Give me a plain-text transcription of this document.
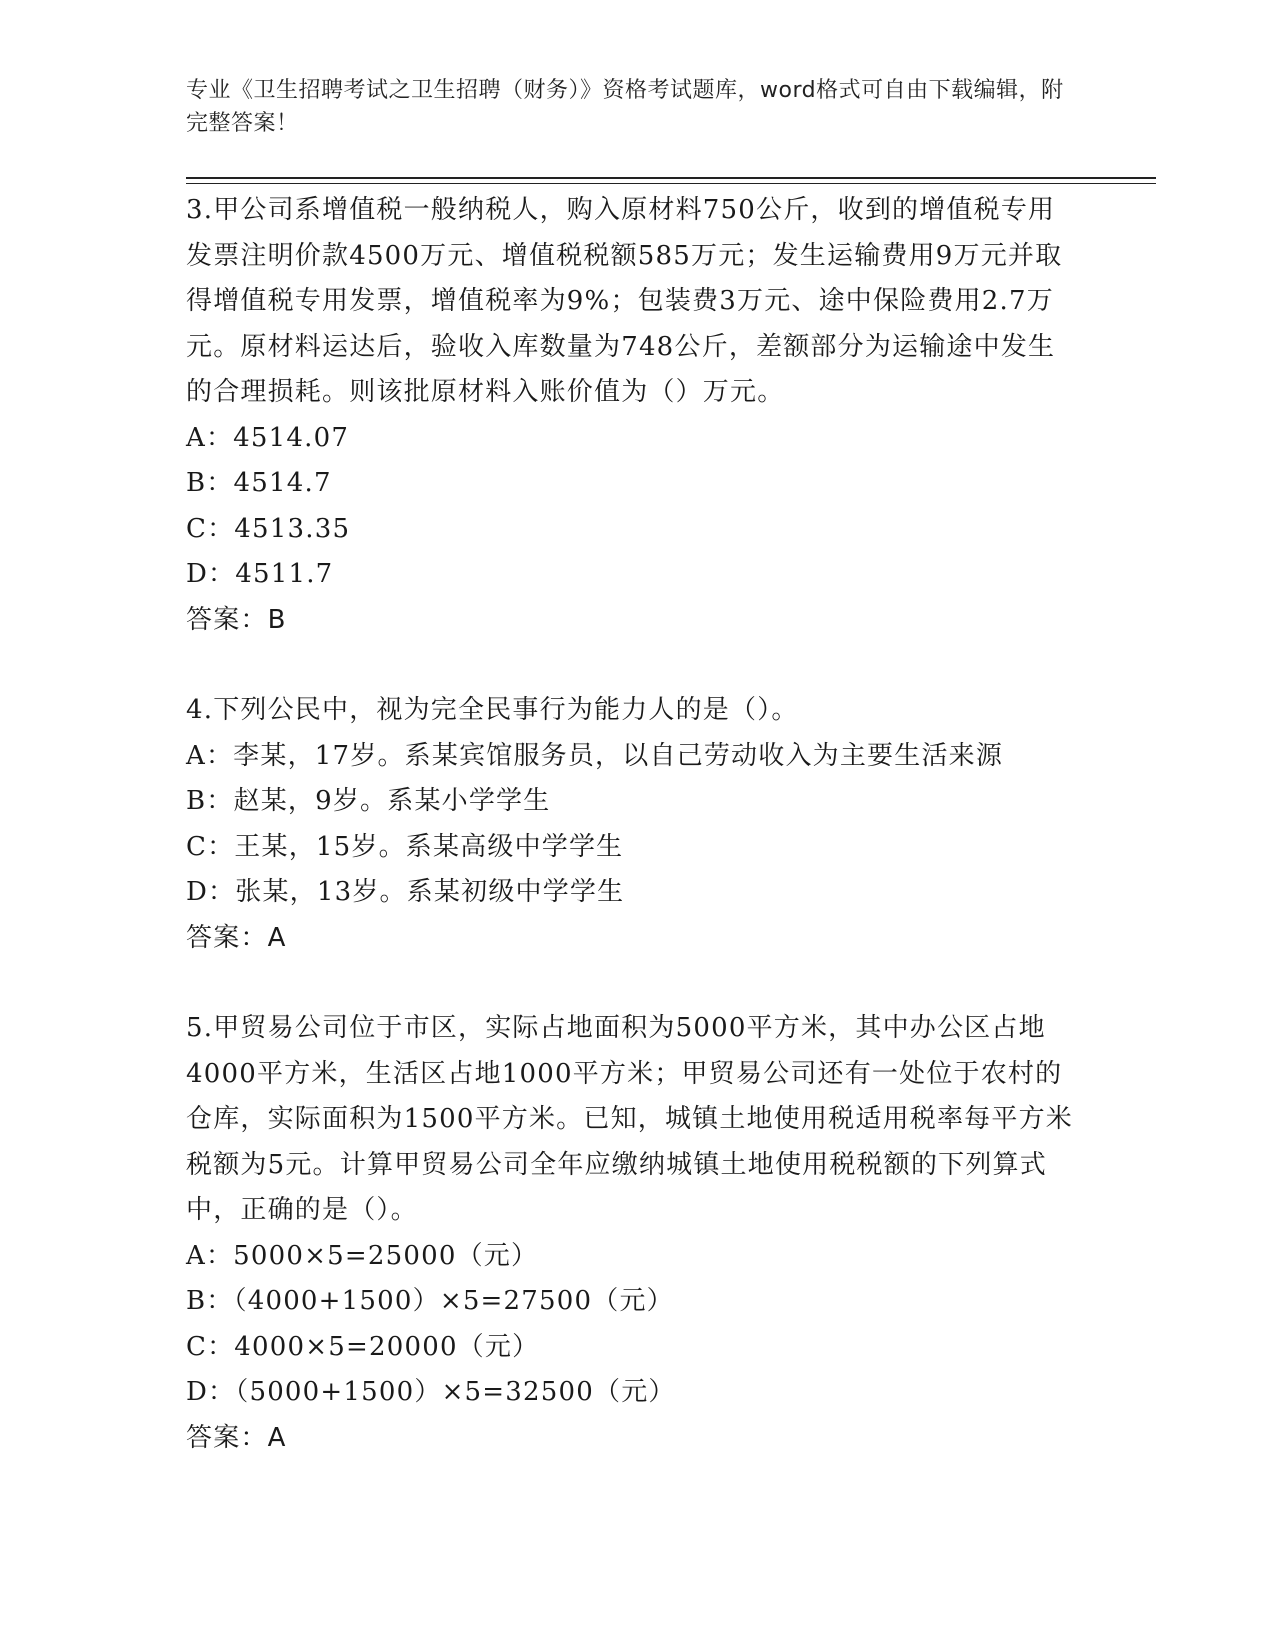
专业《卫生招聘考试之卫生招聘（财务）》资格考试题库，word格式可自由下载编辑，附完整答案！

3.甲公司系增值税一般纳税人，购入原材料750公斤，收到的增值税专用发票注明价款4500万元、增值税税额585万元；发生运输费用9万元并取得增值税专用发票，增值税率为9%；包装费3万元、途中保险费用2.7万元。原材料运达后，验收入库数量为748公斤，差额部分为运输途中发生的合理损耗。则该批原材料入账价值为（）万元。

A：4514.07

B：4514.7

C：4513.35

D：4511.7

答案：B

4.下列公民中，视为完全民事行为能力人的是（）。

A：李某，17岁。系某宾馆服务员，以自己劳动收入为主要生活来源

B：赵某，9岁。系某小学学生

C：王某，15岁。系某高级中学学生

D：张某，13岁。系某初级中学学生

答案：A

5.甲贸易公司位于市区，实际占地面积为5000平方米，其中办公区占地4000平方米，生活区占地1000平方米；甲贸易公司还有一处位于农村的仓库，实际面积为1500平方米。已知，城镇土地使用税适用税率每平方米税额为5元。计算甲贸易公司全年应缴纳城镇土地使用税税额的下列算式中，正确的是（）。

A：5000×5=25000（元）

B：（4000+1500）×5=27500（元）

C：4000×5=20000（元）

D：（5000+1500）×5=32500（元）

答案：A
